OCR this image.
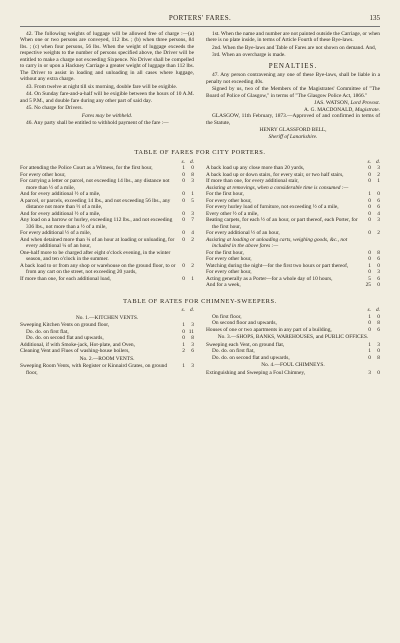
PORTERS' FARES.	135

42. The following weights of luggage will be allowed free of charge :—(a) When one or two persons are conveyed, 112 lbs. ; (b) when three persons, 84 lbs. ; (c) when four persons, 56 lbs. When the weight of luggage exceeds the respective weights to the number of persons specified above, the Driver will be entitled to make a charge not exceeding Sixpence. No Driver shall be compelled to carry in or upon a Hackney Carriage a greater weight of luggage than 112 lbs. The Driver to assist in loading and unloading in all cases where luggage, without any extra charge.

43. From twelve at night till six morning, double fare will be exigible.

44. On Sunday fare-and-a-half will be exigible between the hours of 10 A.M. and 5 P.M., and double fare during any other part of said day.

45. No charge for Drivers.

Fares may be withheld.

46. Any party shall be entitled to withhold payment of the fare :—

1st. When the name and number are not painted outside the Carriage, or when there is no plate inside, in terms of Article Fourth of these Bye-laws.

2nd. When the Bye-laws and Table of Fares are not shown on demand. And,

3rd. When an overcharge is made.

PENALTIES.

47. Any person contravening any one of these Bye-laws, shall be liable in a penalty not exceeding 40s.

Signed by us, two of the Members of the Magistrates' Committee of "The Board of Police of Glasgow," in terms of "The Glasgow Police Act, 1866."

JAS. WATSON, Lord Provost.
A. G. MACDONALD, Magistrate.

GLASGOW, 11th February, 1873.—Approved of and confirmed in terms of the Statute,

HENRY GLASSFORD BELL,
Sheriff of Lanarkshire.
TABLE OF FARES FOR CITY PORTERS.
s. d.
For attending the Police Court as a Witness, for the first hour,	1	0
For every other hour,	0	8
For carrying a letter or parcel, not exceeding 14 lbs., any distance not more than ½ of a mile,
0	3
And for every additional ½ of a mile,	0	1
A parcel, or parcels, exceeding 14 lbs., and not exceeding 56 lbs., any distance not more than ½ of a mile,
0	5
And for every additional ½ of a mile,	0	3
Any load on a barrow or hurley, exceeding 112 lbs., and not exceeding 336 lbs., not more than a ½ of a mile,
0	7
For every additional ½ of a mile,	0	4
And when detained more than ¼ of an hour at loading or unloading, for every additional ¼ of an hour,
0	2
One-half more to be charged after eight o'clock evening, in the winter season, and ten o'clock in the summer.
A back load to or from any shop or warehouse on the ground floor, to or from any cart on the street, not exceeding 20 yards,
0	2
If more than one, for each additional load,	0	1
s. d.
A back load up any close more than 20 yards,	0	3
A back load up or down stairs, for every stair, or two half stairs,	0	2
If more than one, for every additional stair,	0	1
Assisting at removings, when a considerable time is consumed :—
For the first hour,	1	0
For every other hour,	0	6
For every hurley load of furniture, not exceeding ½ of a mile,	0	6
Every other ½ of a mile,	0	4
Beating carpets, for each ½ of an hour, or part thereof, each Porter, for the first hour,
0	3
For every additional ½ of an hour,	0	2
Assisting at loading or unloading carts, weighing goods, &c., not included in the above fares :—
For the first hour,	0	8
For every other hour,	0	6
Watching during the night—for the first two hours or part thereof,	1	0
For every other hour,	0	3
Acting generally as a Porter—for a whole day of 10 hours,	5	6
And for a week,	25	0
TABLE OF RATES FOR CHIMNEY-SWEEPERS.
s. d.
No. 1.—KITCHEN VENTS.
Sweeping Kitchen Vents on ground floor,	1	3
Do. do. on first flat,	0 11
Do. do. on second flat and upwards,	0	8
Additional, if with Smoke-jack, Hot-plate, and Oven,	1	3
Cleaning Vent and Flues of washing-house boilers,	2	6
No. 2.—ROOM VENTS.
Sweeping Room Vents, with Register or Kinnaird Grates, on ground floor,
1	3
s. d.
On first floor,	1	0
On second floor and upwards,	0	8
Houses of one or two apartments in any part of a building,	0	6
No. 3.—SHOPS, BANKS, WAREHOUSES, and PUBLIC OFFICES.
Sweeping each Vent, on ground flat,	1	3
Do. do. on first flat,	1	0
Do. do. on second flat and upwards,	0	8
No. 4.—FOUL CHIMNEYS.
Extinguishing and Sweeping a Foul Chimney,	3	0
